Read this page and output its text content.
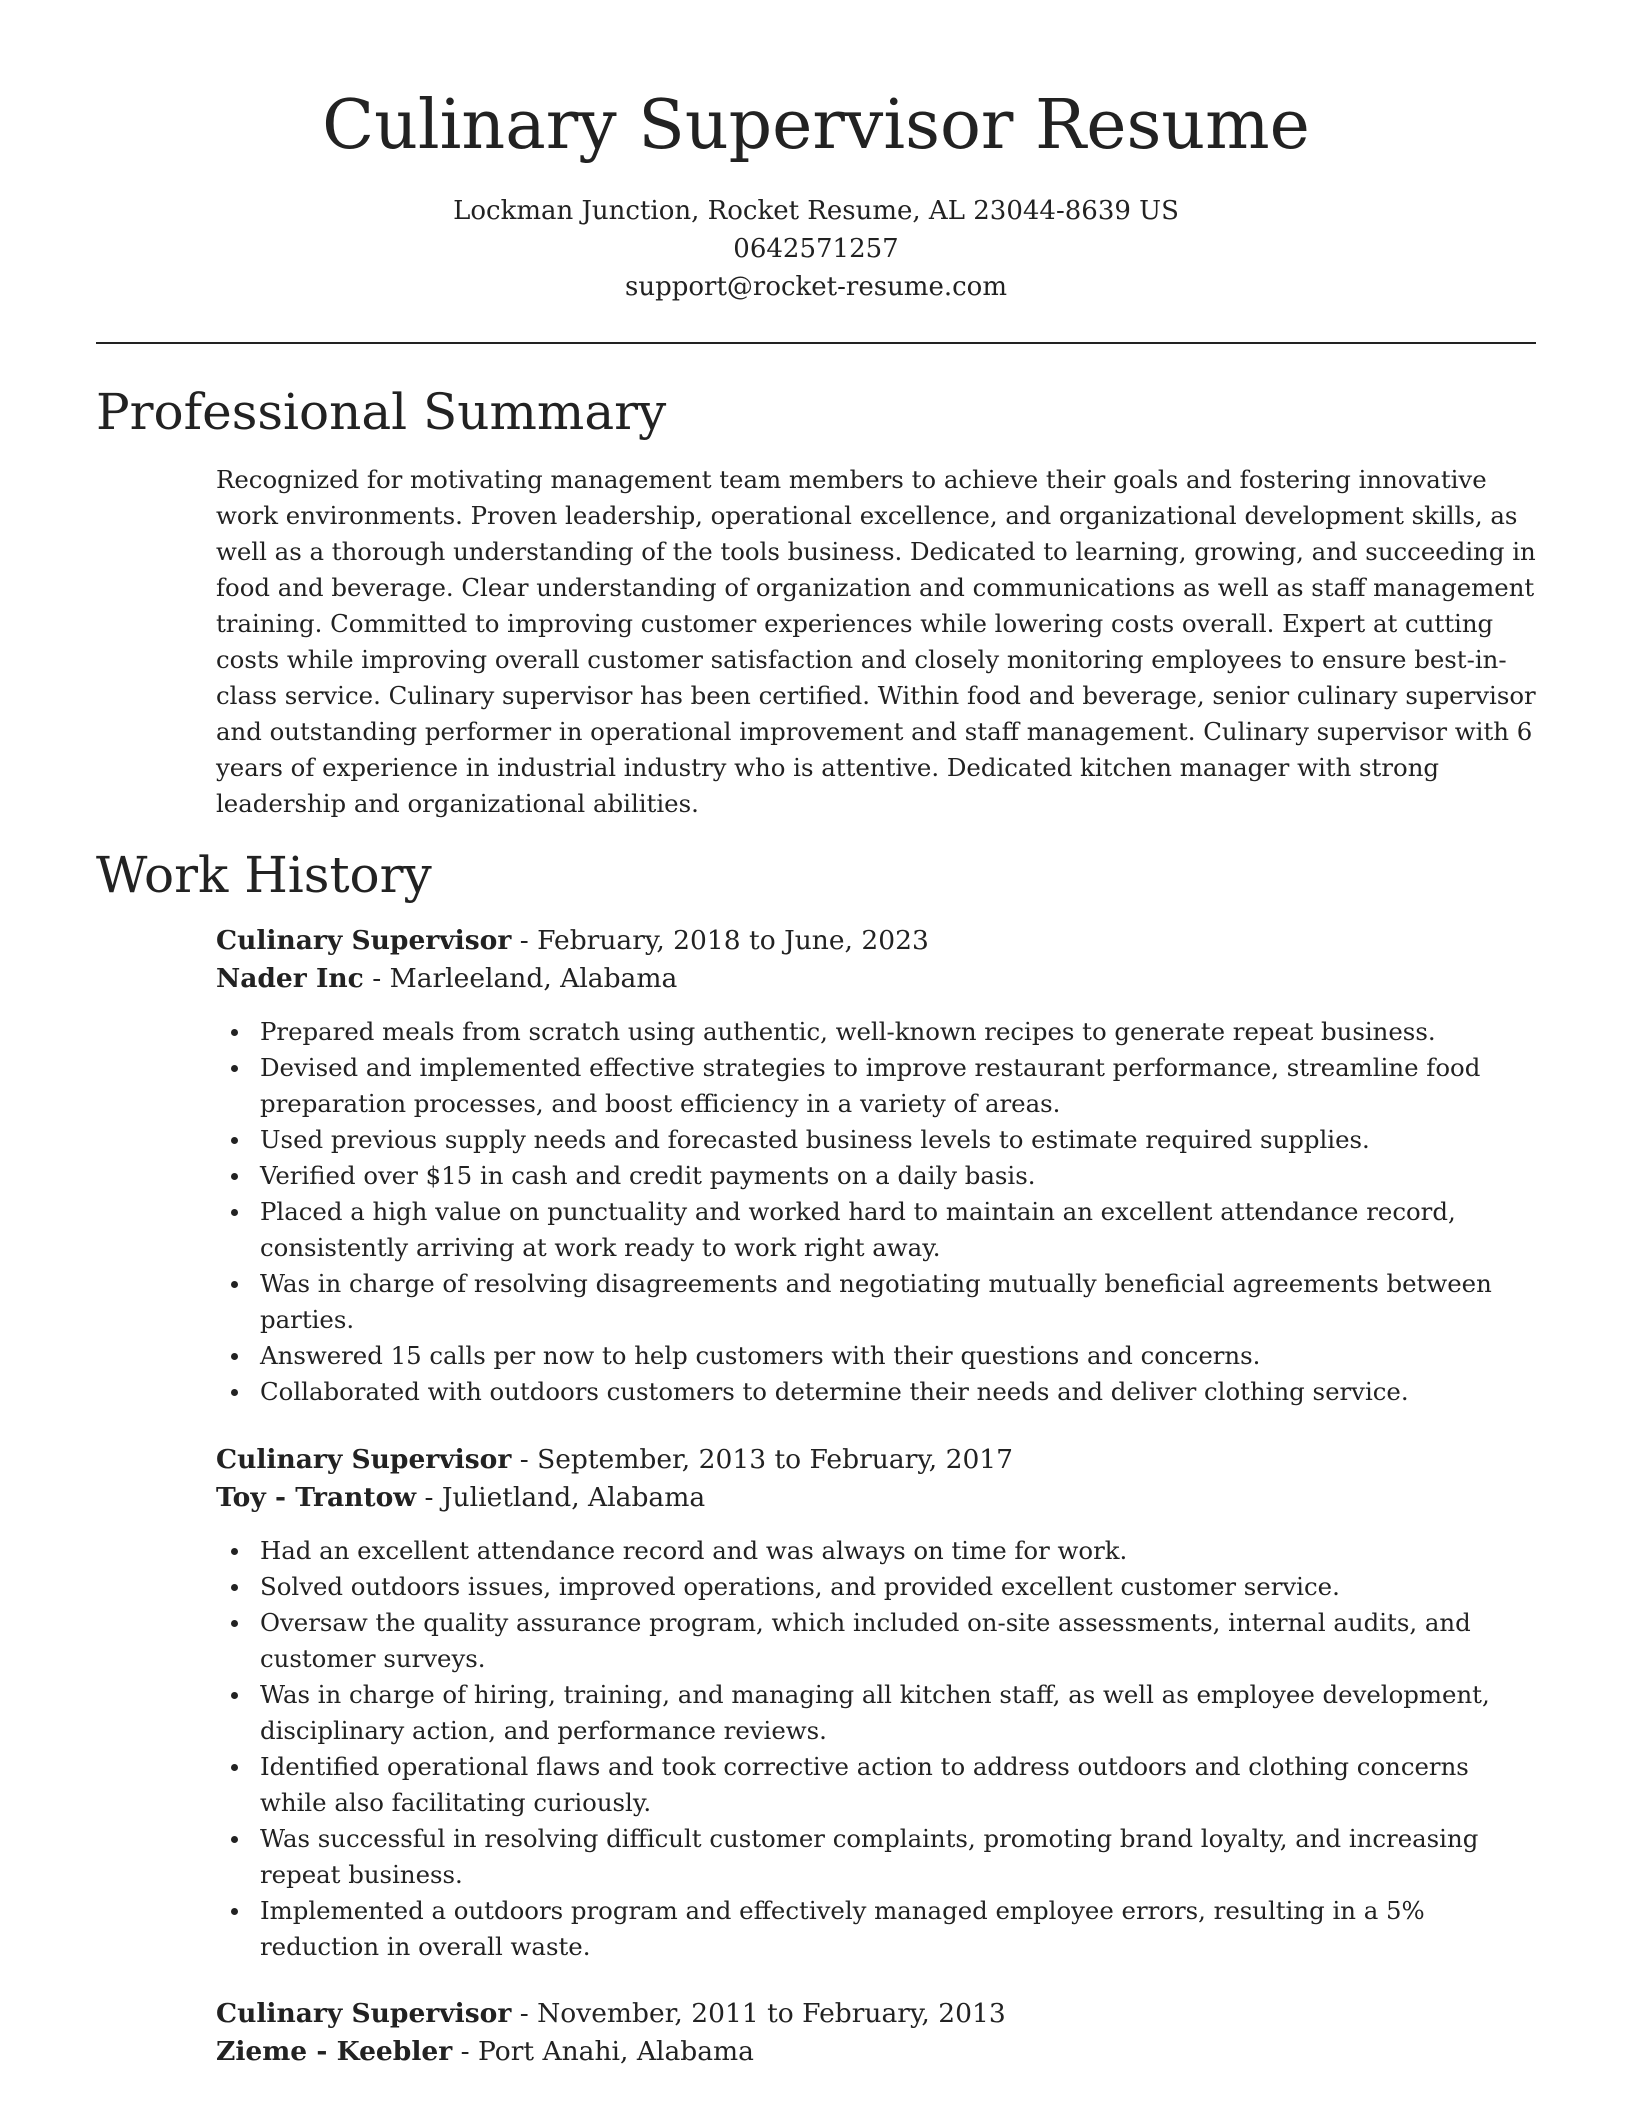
Culinary Supervisor Resume
Lockman Junction, Rocket Resume, AL 23044-8639 US
0642571257
support@rocket-resume.com
Professional Summary

Recognized for motivating management team members to achieve their goals and fostering innovative work environments. Proven leadership, operational excellence, and organizational development skills, as well as a thorough understanding of the tools business. Dedicated to learning, growing, and succeeding in food and beverage. Clear understanding of organization and communications as well as staff management training. Committed to improving customer experiences while lowering costs overall. Expert at cutting costs while improving overall customer satisfaction and closely monitoring employees to ensure best-in-class service. Culinary supervisor has been certified. Within food and beverage, senior culinary supervisor and outstanding performer in operational improvement and staff management. Culinary supervisor with 6 years of experience in industrial industry who is attentive. Dedicated kitchen manager with strong leadership and organizational abilities.

Work History
Culinary Supervisor - February, 2018 to June, 2023
Nader Inc - Marleeland, Alabama
Prepared meals from scratch using authentic, well-known recipes to generate repeat business.
Devised and implemented effective strategies to improve restaurant performance, streamline food preparation processes, and boost efficiency in a variety of areas.
Used previous supply needs and forecasted business levels to estimate required supplies.
Verified over $15 in cash and credit payments on a daily basis.
Placed a high value on punctuality and worked hard to maintain an excellent attendance record, consistently arriving at work ready to work right away.
Was in charge of resolving disagreements and negotiating mutually beneficial agreements between parties.
Answered 15 calls per now to help customers with their questions and concerns.
Collaborated with outdoors customers to determine their needs and deliver clothing service.
Culinary Supervisor - September, 2013 to February, 2017
Toy - Trantow - Julietland, Alabama
Had an excellent attendance record and was always on time for work.
Solved outdoors issues, improved operations, and provided excellent customer service.
Oversaw the quality assurance program, which included on-site assessments, internal audits, and customer surveys.
Was in charge of hiring, training, and managing all kitchen staff, as well as employee development, disciplinary action, and performance reviews.
Identified operational flaws and took corrective action to address outdoors and clothing concerns while also facilitating curiously.
Was successful in resolving difficult customer complaints, promoting brand loyalty, and increasing repeat business.
Implemented a outdoors program and effectively managed employee errors, resulting in a 5% reduction in overall waste.
Culinary Supervisor - November, 2011 to February, 2013
Zieme - Keebler - Port Anahi, Alabama
